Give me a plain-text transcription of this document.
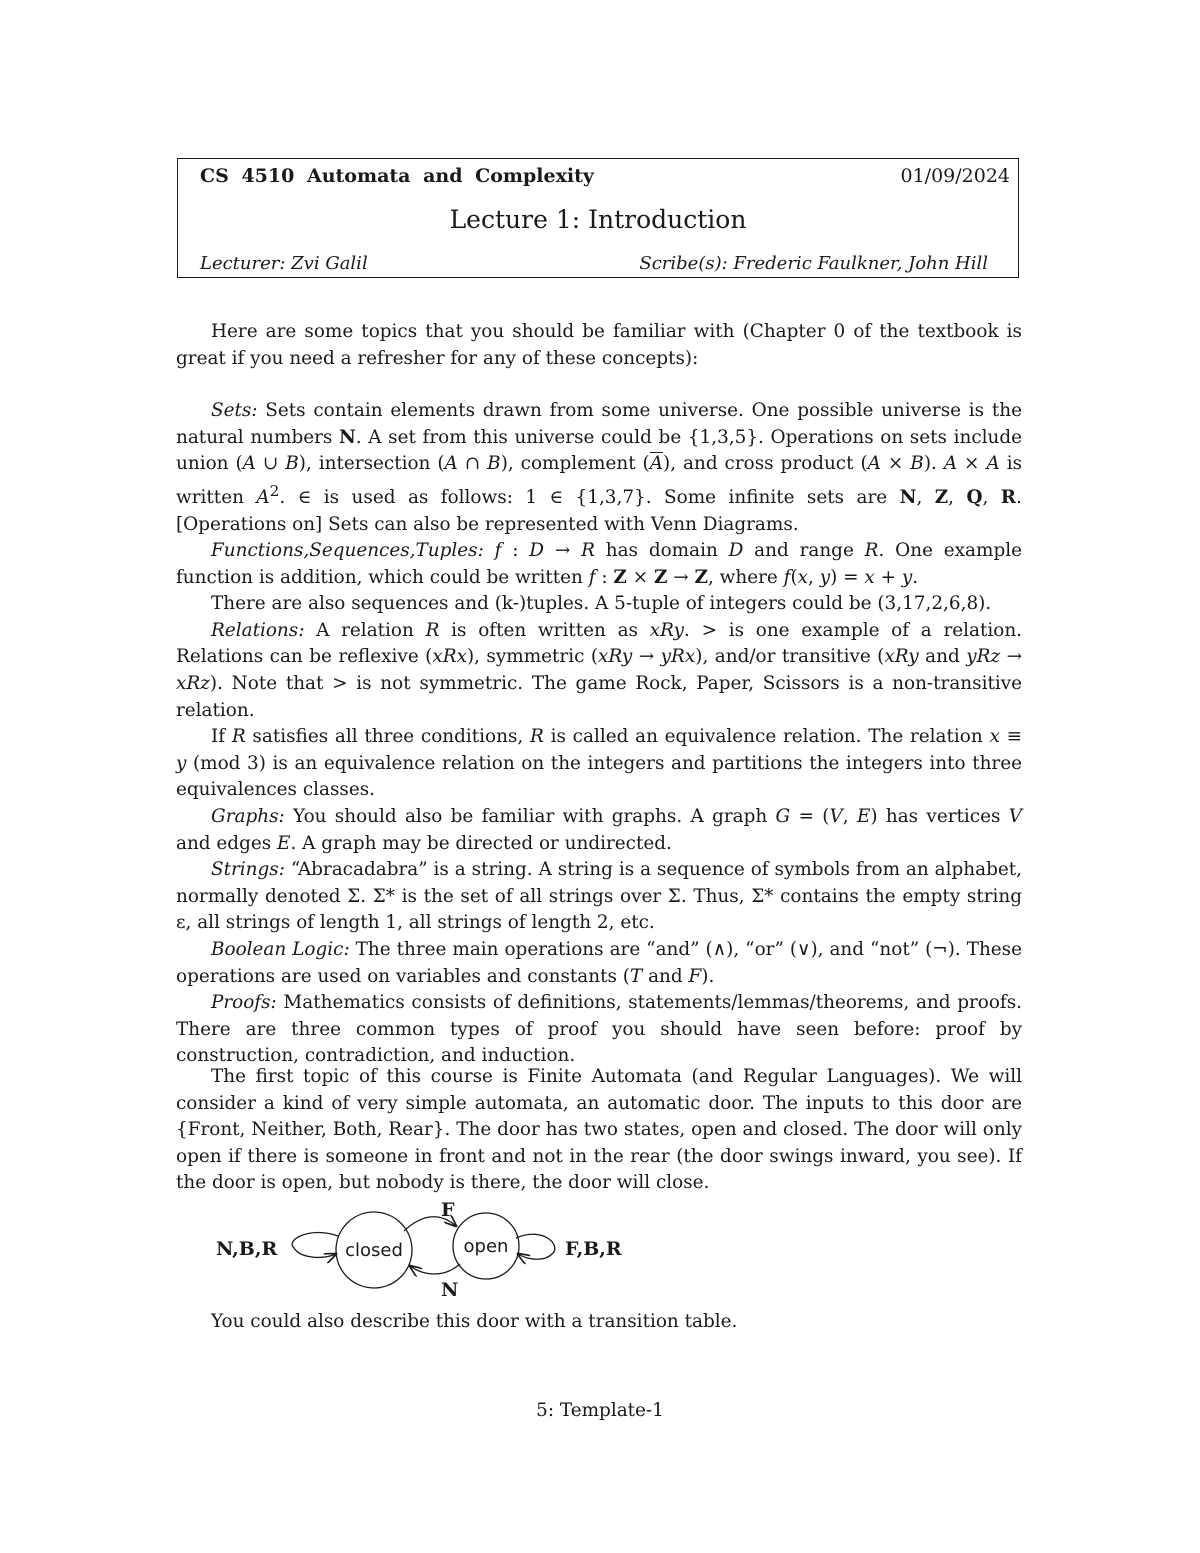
CS 4510 Automata and Complexity	01/09/2024
Lecture 1: Introduction
Lecturer: Zvi Galil	Scribe(s): Frederic Faulkner, John Hill

Here are some topics that you should be familiar with (Chapter 0 of the textbook is great if you need a refresher for any of these concepts):

Sets: Sets contain elements drawn from some universe. One possible universe is the natural numbers N. A set from this universe could be {1,3,5}. Operations on sets include union (A ∪ B), intersection (A ∩ B), complement $(\overline{A})$, and cross product (A × B). A × A is written $A^2$. ∈ is used as follows: 1 ∈ {1,3,7}. Some infinite sets are N, Z, Q, R. [Operations on] Sets can also be represented with Venn Diagrams.

Functions,Sequences,Tuples: f : D → R has domain D and range R. One example function is addition, which could be written f : Z × Z → Z, where f(x, y) = x + y.

There are also sequences and (k-)tuples. A 5-tuple of integers could be (3,17,2,6,8).

Relations: A relation R is often written as xRy. > is one example of a relation. Relations can be reflexive (xRx), symmetric (xRy → yRx), and/or transitive (xRy and yRz → xRz). Note that > is not symmetric. The game Rock, Paper, Scissors is a non-transitive relation.

If R satisfies all three conditions, R is called an equivalence relation. The relation x ≡ y (mod 3) is an equivalence relation on the integers and partitions the integers into three equivalences classes.

Graphs: You should also be familiar with graphs. A graph G = (V, E) has vertices V and edges E. A graph may be directed or undirected.

Strings: “Abracadabra” is a string. A string is a sequence of symbols from an alphabet, normally denoted Σ. Σ* is the set of all strings over Σ. Thus, Σ* contains the empty string ε, all strings of length 1, all strings of length 2, etc.

Boolean Logic: The three main operations are “and” (∧), “or” (∨), and “not” (¬). These operations are used on variables and constants (T and F).

Proofs: Mathematics consists of definitions, statements/lemmas/theorems, and proofs. There are three common types of proof you should have seen before: proof by construction, contradiction, and induction.

The first topic of this course is Finite Automata (and Regular Languages). We will consider a kind of very simple automata, an automatic door. The inputs to this door are {Front, Neither, Both, Rear}. The door has two states, open and closed. The door will only open if there is someone in front and not in the rear (the door swings inward, you see). If the door is open, but nobody is there, the door will close.

N,B,R	F,B,R
F
N
closed	open
You could also describe this door with a transition table.
5: Template-1
